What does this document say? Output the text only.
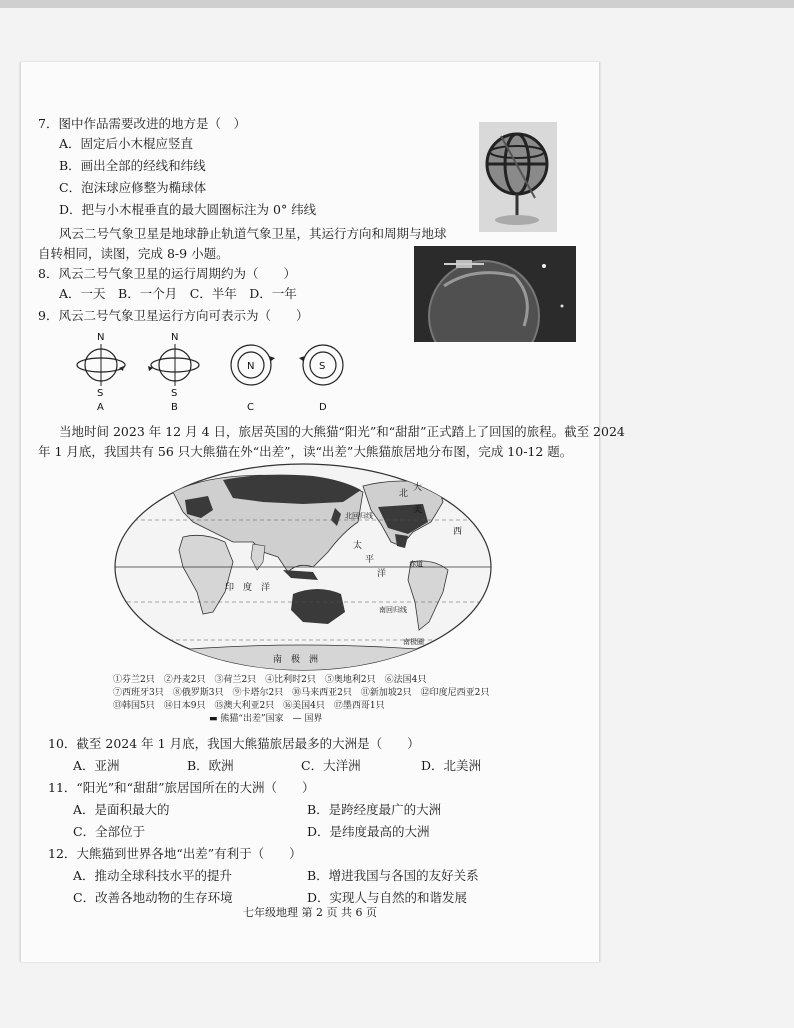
7．图中作品需要改进的地方是（　）
A．固定后小木棍应竖直
B．画出全部的经线和纬线
C．泡沫球应修整为椭球体
D．把与小木棍垂直的最大圆圈标注为 0° 纬线
风云二号气象卫星是地球静止轨道气象卫星，其运行方向和周期与地球
自转相同，读图，完成 8-9 小题。
8．风云二号气象卫星的运行周期约为（　　）
A．一天　B．一个月　C．半年　D．一年
9．风云二号气象卫星运行方向可表示为（　　）
N
S
A
N
S
B
N
C
S
D
当地时间 2023 年 12 月 4 日，旅居英国的大熊猫“阳光”和“甜甜”正式踏上了回国的旅程。截至 2024
年 1 月底，我国共有 56 只大熊猫在外“出差”，读“出差”大熊猫旅居地分布图，完成 10-12 题。
北
美
北回归线
太
平
洋
赤道
西
印 度 洋
南回归线
南极圈
南　极　洲
大
①芬兰2只　②丹麦2只　③荷兰2只　④比利时2只　⑤奥地利2只　⑥法国4只
⑦西班牙3只　⑧俄罗斯3只　⑨卡塔尔2只　⑩马来西亚2只　⑪新加坡2只　⑫印度尼西亚2只
⑬韩国5只　⑭日本9只　⑮澳大利亚2只　⑯美国4只　⑰墨西哥1只
▬ 熊猫“出差”国家　— 国界
10．截至 2024 年 1 月底，我国大熊猫旅居最多的大洲是（　　）
A．亚洲	B．欧洲	C．大洋洲	D．北美洲
11．“阳光”和“甜甜”旅居国所在的大洲（　　）
A．是面积最大的	B．是跨经度最广的大洲
C．全部位于	D．是纬度最高的大洲
12．大熊猫到世界各地“出差”有利于（　　）
A．推动全球科技水平的提升	B．增进我国与各国的友好关系
C．改善各地动物的生存环境	D．实现人与自然的和谐发展
七年级地理 第 2 页 共 6 页
